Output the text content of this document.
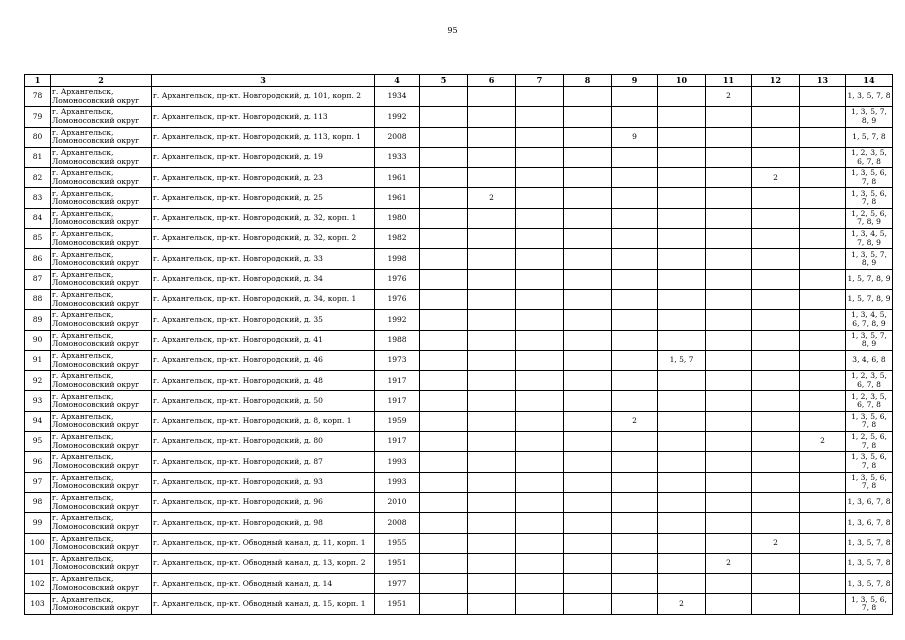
95
1	2	3	4	5	6	7	8	9	10	11	12	13	14
78	г. Архангельск, Ломоносовский округ	г. Архангельск, пр-кт. Новгородский, д. 101, корп. 2	1934							2			1, 3, 5, 7, 8
79	г. Архангельск, Ломоносовский округ	г. Архангельск, пр-кт. Новгородский, д. 113	1992										1, 3, 5, 7, 8, 9
80	г. Архангельск, Ломоносовский округ	г. Архангельск, пр-кт. Новгородский, д. 113, корп. 1	2008					9					1, 5, 7, 8
81	г. Архангельск, Ломоносовский округ	г. Архангельск, пр-кт. Новгородский, д. 19	1933										1, 2, 3, 5, 6, 7, 8
82	г. Архангельск, Ломоносовский округ	г. Архангельск, пр-кт. Новгородский, д. 23	1961								2		1, 3, 5, 6, 7, 8
83	г. Архангельск, Ломоносовский округ	г. Архангельск, пр-кт. Новгородский, д. 25	1961		2								1, 3, 5, 6, 7, 8
84	г. Архангельск, Ломоносовский округ	г. Архангельск, пр-кт. Новгородский, д. 32, корп. 1	1980										1, 2, 5, 6, 7, 8, 9
85	г. Архангельск, Ломоносовский округ	г. Архангельск, пр-кт. Новгородский, д. 32, корп. 2	1982										1, 3, 4, 5, 7, 8, 9
86	г. Архангельск, Ломоносовский округ	г. Архангельск, пр-кт. Новгородский, д. 33	1998										1, 3, 5, 7, 8, 9
87	г. Архангельск, Ломоносовский округ	г. Архангельск, пр-кт. Новгородский, д. 34	1976										1, 5, 7, 8, 9
88	г. Архангельск, Ломоносовский округ	г. Архангельск, пр-кт. Новгородский, д. 34, корп. 1	1976										1, 5, 7, 8, 9
89	г. Архангельск, Ломоносовский округ	г. Архангельск, пр-кт. Новгородский, д. 35	1992										1, 3, 4, 5, 6, 7, 8, 9
90	г. Архангельск, Ломоносовский округ	г. Архангельск, пр-кт. Новгородский, д. 41	1988										1, 3, 5, 7, 8, 9
91	г. Архангельск, Ломоносовский округ	г. Архангельск, пр-кт. Новгородский, д. 46	1973						1, 5, 7				3, 4, 6, 8
92	г. Архангельск, Ломоносовский округ	г. Архангельск, пр-кт. Новгородский, д. 48	1917										1, 2, 3, 5, 6, 7, 8
93	г. Архангельск, Ломоносовский округ	г. Архангельск, пр-кт. Новгородский, д. 50	1917										1, 2, 3, 5, 6, 7, 8
94	г. Архангельск, Ломоносовский округ	г. Архангельск, пр-кт. Новгородский, д. 8, корп. 1	1959					2					1, 3, 5, 6, 7, 8
95	г. Архангельск, Ломоносовский округ	г. Архангельск, пр-кт. Новгородский, д. 80	1917									2	1, 2, 5, 6, 7, 8
96	г. Архангельск, Ломоносовский округ	г. Архангельск, пр-кт. Новгородский, д. 87	1993										1, 3, 5, 6, 7, 8
97	г. Архангельск, Ломоносовский округ	г. Архангельск, пр-кт. Новгородский, д. 93	1993										1, 3, 5, 6, 7, 8
98	г. Архангельск, Ломоносовский округ	г. Архангельск, пр-кт. Новгородский, д. 96	2010										1, 3, 6, 7, 8
99	г. Архангельск, Ломоносовский округ	г. Архангельск, пр-кт. Новгородский, д. 98	2008										1, 3, 6, 7, 8
100	г. Архангельск, Ломоносовский округ	г. Архангельск, пр-кт. Обводный канал, д. 11, корп. 1	1955								2		1, 3, 5, 7, 8
101	г. Архангельск, Ломоносовский округ	г. Архангельск, пр-кт. Обводный канал, д. 13, корп. 2	1951							2			1, 3, 5, 7, 8
102	г. Архангельск, Ломоносовский округ	г. Архангельск, пр-кт. Обводный канал, д. 14	1977										1, 3, 5, 7, 8
103	г. Архангельск, Ломоносовский округ	г. Архангельск, пр-кт. Обводный канал, д. 15, корп. 1	1951						2				1, 3, 5, 6, 7, 8
